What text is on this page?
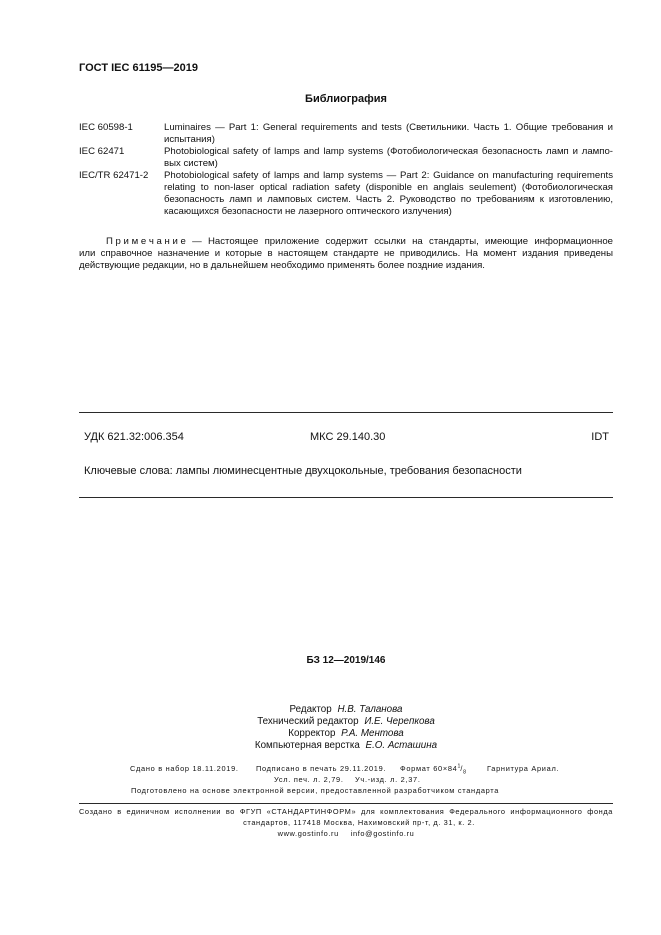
ГОСТ IEC 61195—2019
Библиография
IEC 60598-1	Luminaires — Part 1: General requirements and tests (Светильники. Часть 1. Общие требования и
испытания)
IEC 62471	Photobiological safety of lamps and lamp systems (Фотобиологическая безопасность ламп и лампо-
вых систем)
IEC/TR 62471-2 Photobiological safety of lamps and lamp systems — Part 2: Guidance on manufacturing requirements
relating to non-laser optical radiation safety (disponible en anglais seulement) (Фотобиологическая
безопасность ламп и ламповых систем. Часть 2. Руководство по требованиям к изготовлению,
касающихся безопасности не лазерного оптического излучения)
П р и м е ч а н и е — Настоящее приложение содержит ссылки на стандарты, имеющие информационное
или справочное назначение и которые в настоящем стандарте не приводились. На момент издания приведены
действующие редакции, но в дальнейшем необходимо применять более поздние издания.
УДК 621.32:006.354	МКС 29.140.30	IDT
Ключевые слова: лампы люминесцентные двухцокольные, требования безопасности
БЗ 12—2019/146
Редактор Н.В. Таланова
Технический редактор И.Е. Черепкова
Корректор Р.А. Ментова
Компьютерная верстка Е.О. Асташина
Сдано в набор 18.11.2019. Подписано в печать 29.11.2019. Формат $60\times 84^1/_8$	Гарнитура Ариал.
Усл. печ. л. 2,79. Уч.-изд. л. 2,37.
Подготовлено на основе электронной версии, предоставленной разработчиком стандарта
Создано в единичном исполнении во ФГУП «СТАНДАРТИНФОРМ» для комплектования Федерального информационного фонда
стандартов, 117418 Москва, Нахимовский пр-т, д. 31, к. 2.
www.gostinfo.ru info@gostinfo.ru
